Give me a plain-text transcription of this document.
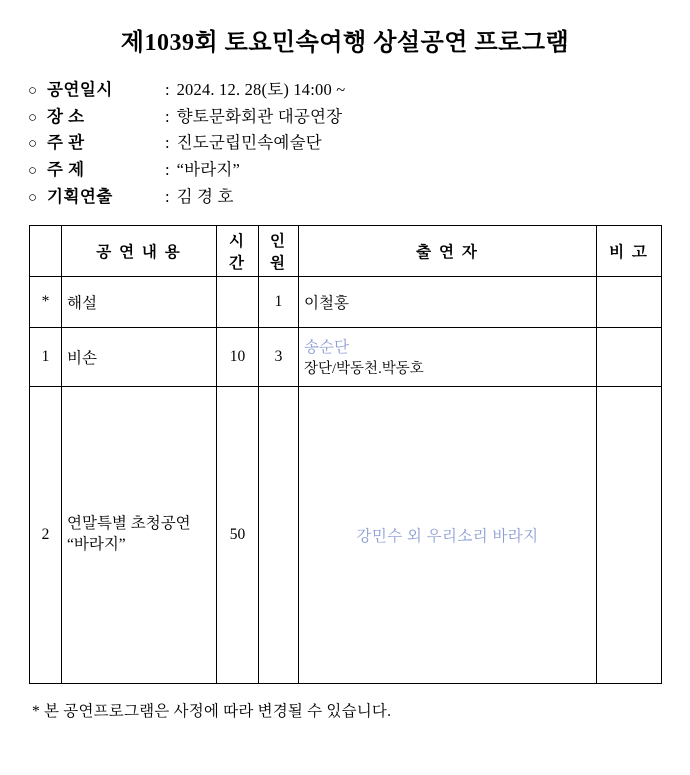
제1039회 토요민속여행 상설공연 프로그램
○ 공연일시	: 2024. 12. 28(토) 14:00 ~
○ 장 소	: 향토문화회관 대공연장
○ 주 관	: 진도군립민속예술단
○ 주 제	: “바라지”
○ 기획연출	: 김 경 호
	공 연 내 용	시간	인원	출 연 자	비 고
*	해설		1	이철홍	

1	비손	10	3	송순단
장단/박동천.박동호	

2	연말특별 초청공연
“바라지”	50		강민수 외 우리소리 바라지	

* 본 공연프로그램은 사정에 따라 변경될 수 있습니다.
